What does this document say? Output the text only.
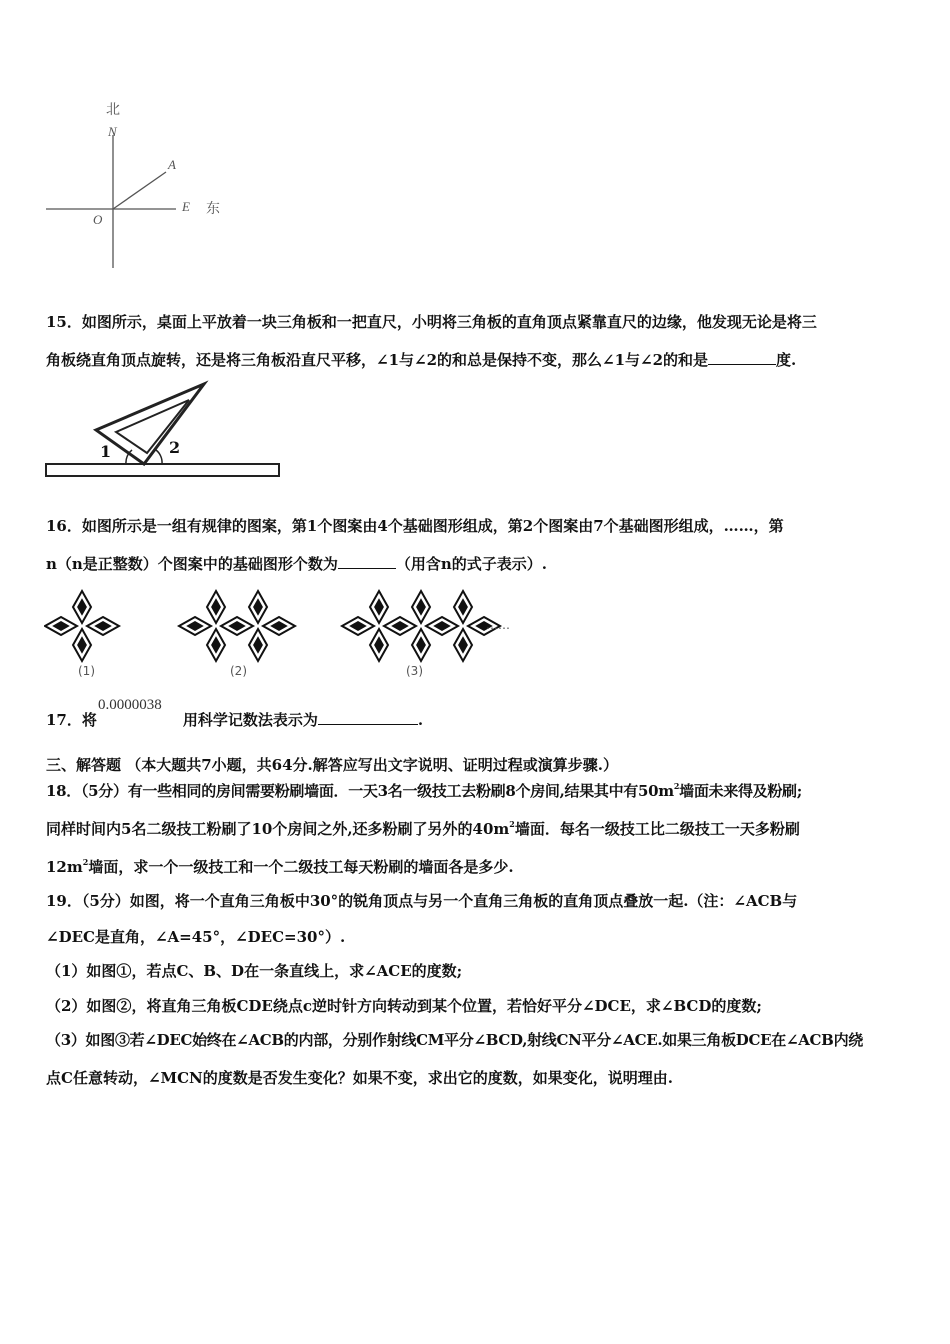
北
N
A
O
E 东
15．如图所示，桌面上平放着一块三角板和一把直尺，小明将三角板的直角顶点紧靠直尺的边缘，他发现无论是将三
角板绕直角顶点旋转，还是将三角板沿直尺平移，∠1与∠2的和总是保持不变，那么∠1与∠2的和是	度.
1	2
16．如图所示是一组有规律的图案，第1个图案由4个基础图形组成，第2个图案由7个基础图形组成，……，第
n（n是正整数）个图案中的基础图形个数为	（用含n的式子表示）.
(1)	(2)	(3)
……
0.0000038
17．将	用科学记数法表示为	.
三、解答题 （本大题共7小题，共64分.解答应写出文字说明、证明过程或演算步骤.）
18．（5分）有一些相同的房间需要粉刷墙面．一天3名一级技工去粉刷8个房间,结果其中有$50m^2$墙面未来得及粉刷;
同样时间内5名二级技工粉刷了10个房间之外,还多粉刷了另外的$40m^2$墙面．每名一级技工比二级技工一天多粉刷
$12m^2$墙面，求一个一级技工和一个二级技工每天粉刷的墙面各是多少.
19．（5分）如图，将一个直角三角板中30°的锐角顶点与另一个直角三角板的直角顶点叠放一起.（注：∠ACB与
∠DEC是直角，∠A=45°，∠DEC=30°）.
（1）如图①，若点C、B、D在一条直线上，求∠ACE的度数;
（2）如图②，将直角三角板CDE绕点c逆时针方向转动到某个位置，若恰好平分∠DCE，求∠BCD的度数;
（3）如图③若∠DEC始终在∠ACB的内部，分别作射线CM平分∠BCD,射线CN平分∠ACE.如果三角板DCE在∠ACB内绕
点C任意转动，∠MCN的度数是否发生变化？如果不变，求出它的度数，如果变化，说明理由.
